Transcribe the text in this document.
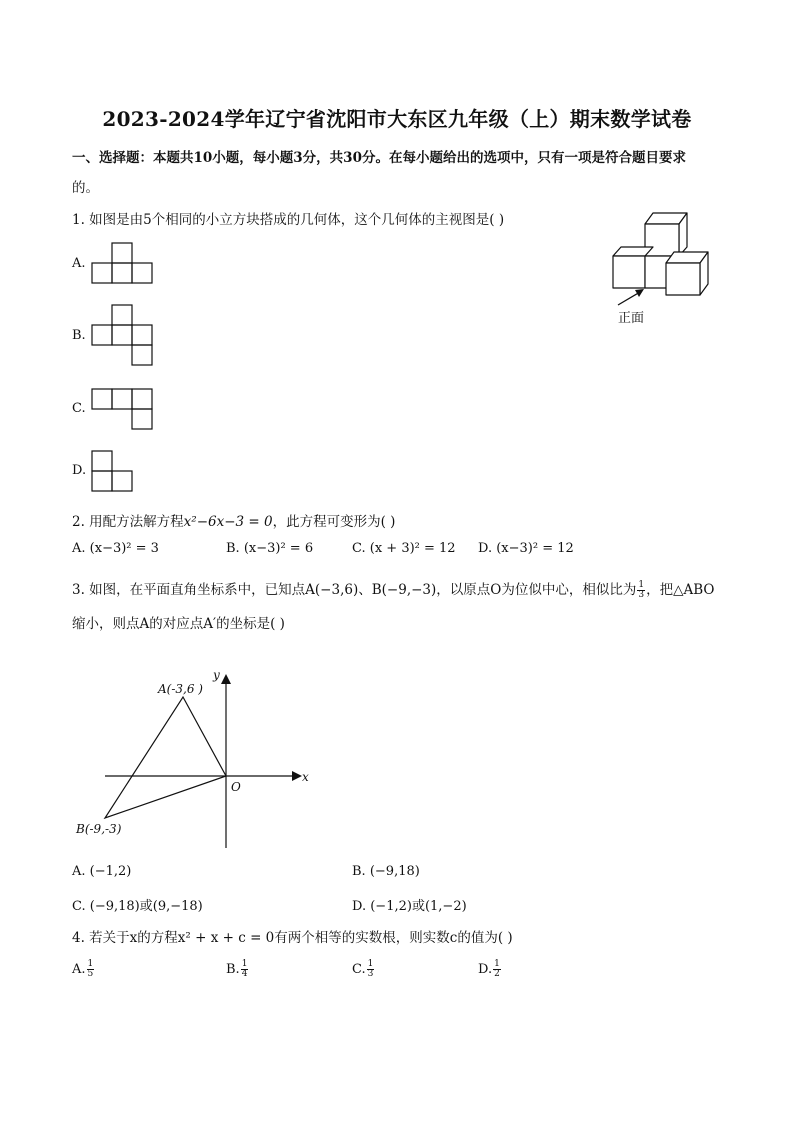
2023-2024学年辽宁省沈阳市大东区九年级（上）期末数学试卷
一、选择题：本题共10小题，每小题3分，共30分。在每小题给出的选项中，只有一项是符合题目要求
的。
1. 如图是由5个相同的小立方块搭成的几何体，这个几何体的主视图是( )
A.
B.
C.
D.
正面
2. 用配方法解方程x²−6x−3 = 0，此方程可变形为( )
A. (x−3)² = 3	B. (x−3)² = 6	C. (x + 3)² = 12 D. (x−3)² = 12
3. 如图，在平面直角坐标系中，已知点A(−3,6)、B(−9,−3)，以原点O为位似中心，相似比为 $\frac{1}{3}$ ，把△ABO
缩小，则点A的对应点A′的坐标是( )
A(-3,6 )
B(-9,-3)
O
x
y
A. (−1,2)	B. (−9,18)
C. (−9,18)或(9,−18)	D. (−1,2)或(1,−2)
4. 若关于x的方程x² + x + c = 0有两个相等的实数根，则实数c的值为( )
A. $\frac{1}{5}$	B. $\frac{1}{4}$	C. $\frac{1}{3}$	D. $\frac{1}{2}$
